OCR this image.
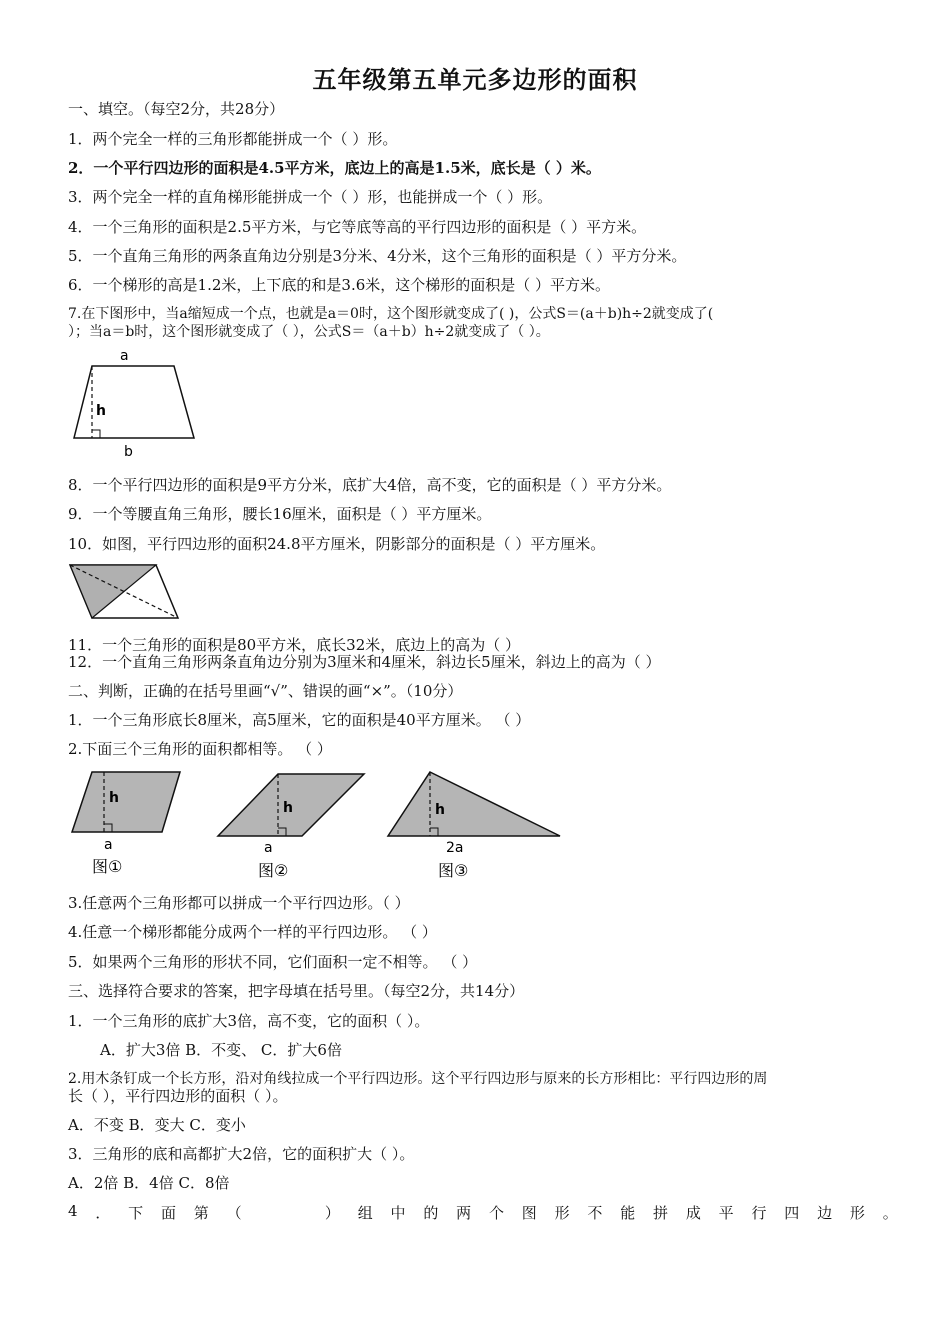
五年级第五单元多边形的面积
一、填空。（每空2分，共28分）
1．两个完全一样的三角形都能拼成一个（ ）形。
2．一个平行四边形的面积是4.5平方米，底边上的高是1.5米，底长是（ ）米。
3．两个完全一样的直角梯形能拼成一个（ ）形，也能拼成一个（ ）形。
4．一个三角形的面积是2.5平方米，与它等底等高的平行四边形的面积是（ ）平方米。
5．一个直角三角形的两条直角边分别是3分米、4分米，这个三角形的面积是（ ）平方分米。
6．一个梯形的高是1.2米，上下底的和是3.6米，这个梯形的面积是（ ）平方米。
7.在下图形中，当a缩短成一个点，也就是a＝0时，这个图形就变成了( )，公式S＝(a＋b)h÷2就变成了(
）；当a＝b时，这个图形就变成了（ ），公式S＝（a＋b）h÷2就变成了（ ）。
a
h
b
8．一个平行四边形的面积是9平方分米，底扩大4倍，高不变，它的面积是（ ）平方分米。
9．一个等腰直角三角形，腰长16厘米，面积是（ ）平方厘米。
10．如图，平行四边形的面积24.8平方厘米，阴影部分的面积是（ ）平方厘米。
11．一个三角形的面积是80平方米，底长32米，底边上的高为（ ）
12．一个直角三角形两条直角边分别为3厘米和4厘米，斜边长5厘米，斜边上的高为（ ）
二、判断，正确的在括号里画“√”、错误的画“×”。（10分）
1．一个三角形底长8厘米，高5厘米，它的面积是40平方厘米。 （ ）
2.下面三个三角形的面积都相等。 （ ）
h
a
图①
h
a
图②
h
2a
图③
3.任意两个三角形都可以拼成一个平行四边形。（ ）
4.任意一个梯形都能分成两个一样的平行四边形。 （ ）
5．如果两个三角形的形状不同，它们面积一定不相等。 （ ）
三、选择符合要求的答案，把字母填在括号里。（每空2分，共14分）
1．一个三角形的底扩大3倍，高不变，它的面积（ ）。
A．扩大3倍 B．不变、 C．扩大6倍
2.用木条钉成一个长方形，沿对角线拉成一个平行四边形。这个平行四边形与原来的长方形相比：平行四边形的周
长（ ），平行四边形的面积（ ）。
A．不变 B．变大 C．变小
3．三角形的底和高都扩大2倍，它的面积扩大（ ）。
A．2倍 B．4倍 C．8倍
4 ． 下 面 第 （
	） 组 中 的 两 个 图 形 不 能 拼 成 平 行 四 边 形 。
